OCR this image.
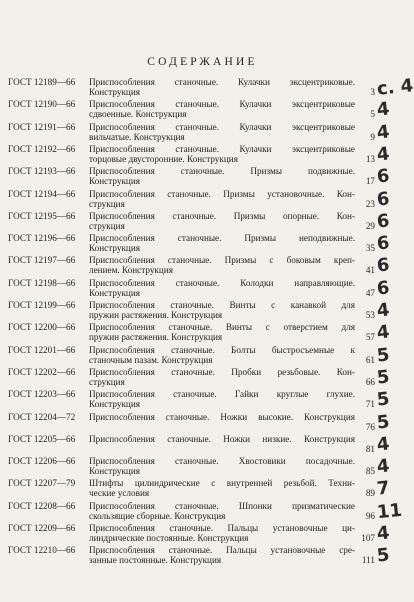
СОДЕРЖАНИЕ
ГОСТ 12189—66 Приспособления станочные. Кулачки эксцентриковые.
Конструкция	3 с. 4
ГОСТ 12190—66 Приспособления станочные. Кулачки эксцентриковые
сдвоенные. Конструкция	5 4
ГОСТ 12191—66 Приспособления станочные. Кулачки эксцентриковые
вильчатые. Конструкция	9 4
ГОСТ 12192—66 Приспособления станочные. Кулачки эксцентриковые
торцовые двусторонние. Конструкция	13 4
ГОСТ 12193—66 Приспособления станочные. Призмы подвижные.
Конструкция	17 6
ГОСТ 12194—66 Приспособления станочные. Призмы установочные. Кон-
струкция	23 6
ГОСТ 12195—66 Приспособления станочные. Призмы опорные. Кон-
струкция	29 6
ГОСТ 12196—66 Приспособления станочные. Призмы неподвижные.
Конструкция	35 6
ГОСТ 12197—66 Приспособления станочные. Призмы с боковым креп-
лением. Конструкция	41 6
ГОСТ 12198—66 Приспособления станочные. Колодки направляющие.
Конструкция	47 6
ГОСТ 12199—66 Приспособления станочные. Винты с канавкой для
пружин растяжения. Конструкция	53 4
ГОСТ 12200—66 Приспособления станочные. Винты с отверстием для
пружин растяжения. Конструкция	57 4
ГОСТ 12201—66 Приспособления станочные. Болты быстросъемные к
станочным пазам. Конструкция	61 5
ГОСТ 12202—66 Приспособления станочные. Пробки резьбовые. Кон-
струкция	66 5
ГОСТ 12203—66 Приспособления станочные. Гайки круглые глухие.
Конструкция	71 5
ГОСТ 12204—72 Приспособления станочные. Ножки высокие. Конструкция
76 5
ГОСТ 12205—66 Приспособления станочные. Ножки низкие. Конструкция
81 4
ГОСТ 12206—66 Приспособления станочные. Хвостовики посадочные.
Конструкция	85 4
ГОСТ 12207—79 Штифты цилиндрические с внутренней резьбой. Техни-
ческие условия	89 7
ГОСТ 12208—66 Приспособления станочные. Шпонки призматические
скользящие сборные. Конструкция	96 11
ГОСТ 12209—66 Приспособления станочные. Пальцы установочные ци-
линдрические постоянные. Конструкция	107 4
ГОСТ 12210—66 Приспособления станочные. Пальцы установочные сре-
занные постоянные. Конструкция	111 5
